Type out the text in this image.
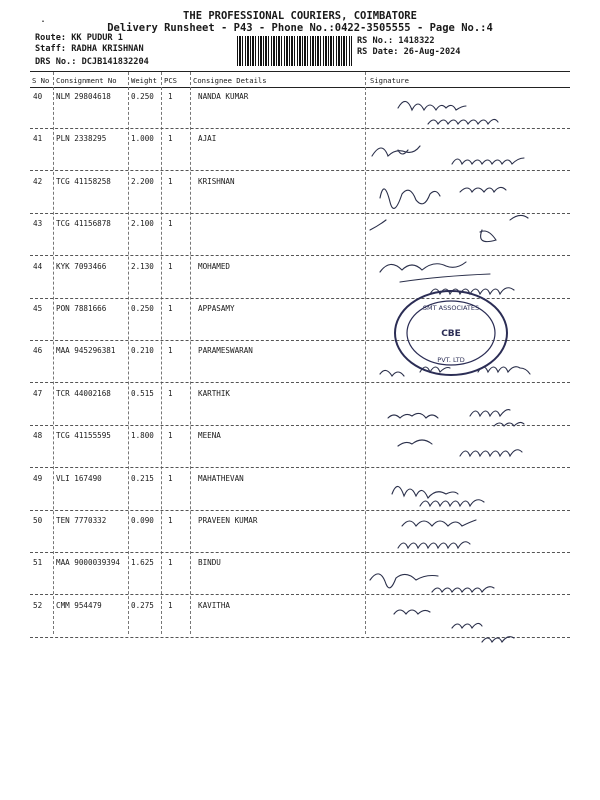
.	THE PROFESSIONAL COURIERS, COIMBATORE
Delivery Runsheet - P43 - Phone No.:0422-3505555 - Page No.:4
Route: KK PUDUR 1
Staff: RADHA KRISHNAN
DRS No.: DCJB141832204
RS No.: 1418322
RS Date: 26-Aug-2024
S No Consignment No Weight PCS Consignee Details	Signature
40 NLM 29804618	0.250 1	NANDA KUMAR
41 PLN 2338295	1.000 1	AJAI
42 TCG 41158258	2.200 1	KRISHNAN
43 TCG 41156878	2.100 1
44 KYK 7093466	2.130 1	MOHAMED
45 PON 7881666	0.250 1	APPASAMY
46 MAA 945296381 0.210 1	PARAMESWARAN
47 TCR 44002168	0.515 1	KARTHIK
48 TCG 41155595	1.800 1	MEENA
49 VLI 167490	0.215 1	MAHATHEVAN
50 TEN 7770332	0.090 1	PRAVEEN KUMAR
51 MAA 9000039394 1.625 1	BINDU
52 CMM 954479	0.275 1	KAVITHA
CBE
SMT ASSOCIATES
PVT. LTD
